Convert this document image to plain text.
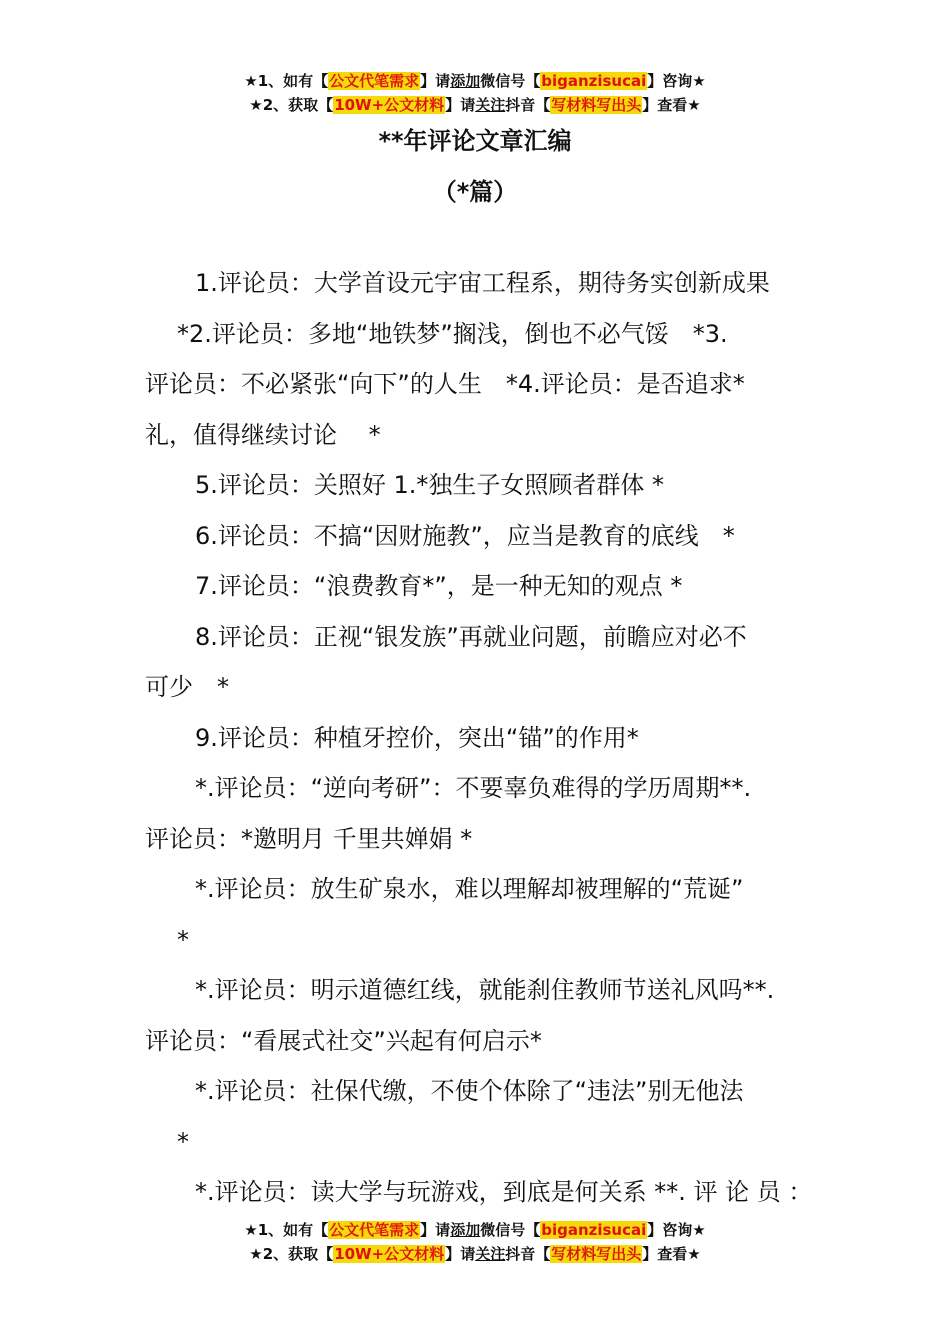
★1、如有【公文代笔需求】请添加微信号【biganzisucai】咨询★
★2、获取【10W+公文材料】请关注抖音【写材料写出头】查看★
**年评论文章汇编
（*篇）

1.评论员：大学首设元宇宙工程系，期待务实创新成果

*2.评论员：多地“地铁梦”搁浅，倒也不必气馁　*3.

评论员：不必紧张“向下”的人生　*4.评论员：是否追求*

礼，值得继续讨论　 *

5.评论员：关照好 1.*独生子女照顾者群体 *

6.评论员：不搞“因财施教”，应当是教育的底线　*

7.评论员：“浪费教育*”，是一种无知的观点 *

8.评论员：正视“银发族”再就业问题，前瞻应对必不

可少　*

9.评论员：种植牙控价，突出“锚”的作用*

*.评论员：“逆向考研”：不要辜负难得的学历周期**.

评论员：*邀明月 千里共婵娟 *

*.评论员：放生矿泉水，难以理解却被理解的“荒诞”

*

*.评论员：明示道德红线，就能刹住教师节送礼风吗**.

评论员：“看展式社交”兴起有何启示*

*.评论员：社保代缴，不使个体除了“违法”别无他法

*

*.评论员：读大学与玩游戏，到底是何关系 **. 评 论 员 ：

★1、如有【公文代笔需求】请添加微信号【biganzisucai】咨询★
★2、获取【10W+公文材料】请关注抖音【写材料写出头】查看★
